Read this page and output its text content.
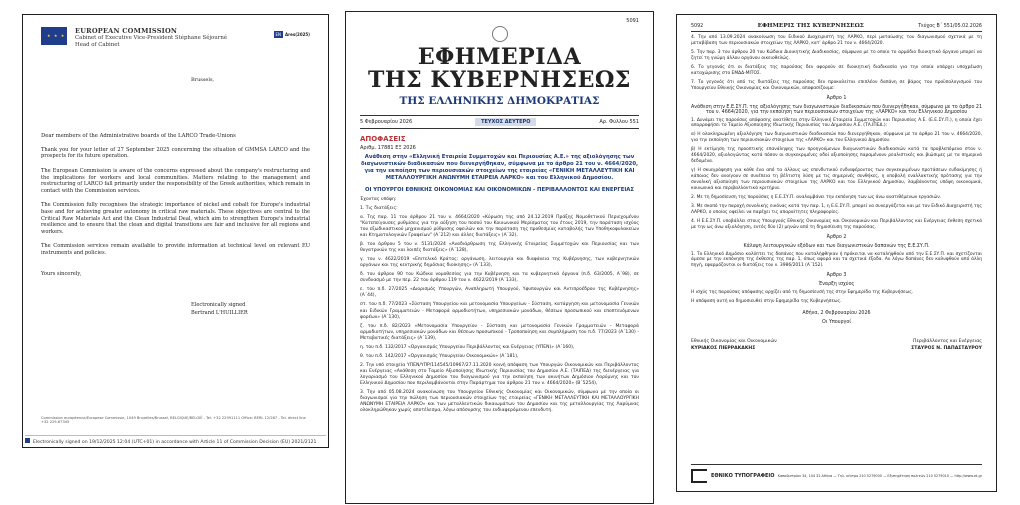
★ ★ ★
EUROPEAN COMMISSION
Cabinet of Executive Vice-President Stéphane Séjourné
Head of Cabinet
EN Ares(2025)
Brussels,
Dear members of the Administrative boards of the LARCO Trade-Unions

Thank you for your letter of 27 September 2025 concerning the situation of GMMSA LARCO and the prospects for its future operation.

The European Commission is aware of the concerns expressed about the company's restructuring and the implications for workers and local communities. Matters relating to the management and restructuring of LARCO fall primarily under the responsibility of the Greek authorities, which remain in contact with the Commission services.

The Commission fully recognises the strategic importance of nickel and cobalt for Europe's industrial base and for achieving greater autonomy in critical raw materials. These objectives are central to the Critical Raw Materials Act and the Clean Industrial Deal, which aim to strengthen Europe's industrial resilience and to ensure that the clean and digital transitions are fair and inclusive for all regions and workers.

The Commission services remain available to provide information at technical level on relevant EU instruments and policies.

Yours sincerely,
Electronically signed
Bertrand L'HUILLIER
Commission européenne/Europese Commissie, 1049 Bruxelles/Brussel, BELGIQUE/BELGIË - Tel. +32 22991111 Office: BERL 12/267 - Tel. direct line +32 229-67345
Electronically signed on 19/12/2025 12:04 (UTC+01) in accordance with Article 11 of Commission Decision (EU) 2021/2121
5091
ΕΦΗΜΕΡΙΔΑ
ΤΗΣ ΚΥΒΕΡΝΗΣΕΩΣ
ΤΗΣ ΕΛΛΗΝΙΚΗΣ ΔΗΜΟΚΡΑΤΙΑΣ
5 Φεβρουαρίου 2026	ΤΕΥΧΟΣ ΔΕΥΤΕΡΟ	Αρ. Φύλλου 551
ΑΠΟΦΑΣΕΙΣ
Αριθμ. 17881 ΕΞ 2026
Ανάθεση στην «Ελληνική Εταιρεία Συμμετοχών και Περιουσίας Α.Ε.» της αξιολόγησης των διαγωνιστικών διαδικασιών που διενεργήθηκαν, σύμφωνα με το άρθρο 21 του ν. 4664/2020, για την εκποίηση των περιουσιακών στοιχείων της εταιρείας «ΓΕΝΙΚΗ ΜΕΤΑΛΛΕΥΤΙΚΗ ΚΑΙ ΜΕΤΑΛΛΟΥΡΓΙΚΗ ΑΝΩΝΥΜΗ ΕΤΑΙΡΕΙΑ ΛΑΡΚΟ» και του Ελληνικού Δημοσίου.
ΟΙ ΥΠΟΥΡΓΟΙ ΕΘΝΙΚΗΣ ΟΙΚΟΝΟΜΙΑΣ ΚΑΙ ΟΙΚΟΝΟΜΙΚΩΝ - ΠΕΡΙΒΑΛΛΟΝΤΟΣ ΚΑΙ ΕΝΕΡΓΕΙΑΣ
Έχοντας υπόψη:
1. Τις διατάξεις:
α. Της παρ. 11 του άρθρου 21 του ν. 4664/2020 «Κύρωση της από 24.12.2019 Πράξης Νομοθετικού Περιεχομένου "Κατεπείγουσες ρυθμίσεις για την αύξηση του ποσού του Κοινωνικού Μερίσματος του έτους 2019, την παράταση ισχύος του εξωδικαστικού μηχανισμού ρύθμισης οφειλών και την παράταση της προθεσμίας καταβολής των Υποθηκοφυλακείων και Κτηματολογικών Γραφείων" (Α΄212) και άλλες διατάξεις» (Α΄32),
β. του άρθρου 5 του ν. 5131/2024 «Αναδιάρθρωση της Ελληνικής Εταιρείας Συμμετοχών και Περιουσίας και των θυγατρικών της και λοιπές διατάξεις» (Α΄128),
γ. του ν. 4622/2019 «Επιτελικό Κράτος: οργάνωση, λειτουργία και διαφάνεια της Κυβέρνησης, των κυβερνητικών οργάνων και της κεντρικής δημόσιας διοίκησης» (Α΄133),
δ. του άρθρου 90 του Κώδικα νομοθεσίας για την Κυβέρνηση και τα κυβερνητικά όργανα (π.δ. 63/2005, Α΄98), σε συνδυασμό με την περ. 22 του άρθρου 119 του ν. 4622/2019 (Α΄133),
ε. του π.δ. 27/2025 «Διορισμός Υπουργών, Αναπληρωτή Υπουργού, Υφυπουργών και Αντιπροέδρου της Κυβέρνησης» (Α΄44),
στ. του π.δ. 77/2023 «Σύσταση Υπουργείου και μετονομασία Υπουργείων - Σύσταση, κατάργηση και μετονομασία Γενικών και Ειδικών Γραμματειών - Μεταφορά αρμοδιοτήτων, υπηρεσιακών μονάδων, θέσεων προσωπικού και εποπτευόμενων φορέων» (Α΄130),
ζ. του π.δ. 82/2023 «Μετονομασία Υπουργείου - Σύσταση και μετονομασία Γενικών Γραμματειών - Μεταφορά αρμοδιοτήτων, υπηρεσιακών μονάδων και θέσεων προσωπικού - Τροποποίηση και συμπλήρωση του π.δ. 77/2023 (Α΄130) - Μεταβατικές διατάξεις» (Α΄139),
η. του π.δ. 132/2017 «Οργανισμός Υπουργείου Περιβάλλοντος και Ενέργειας (ΥΠΕΝ)» (Α΄160),
θ. του π.δ. 142/2017 «Οργανισμός Υπουργείου Οικονομικών» (Α΄181),
2. Την υπό στοιχεία ΥΠΕΝ/ΥΠΡ/114545/10967/27.11.2020 κοινή απόφαση των Υπουργών Οικονομικών και Περιβάλλοντος και Ενέργειας «Ανάθεση στο Ταμείο Αξιοποίησης Ιδιωτικής Περιουσίας του Δημοσίου Α.Ε. (ΤΑΙΠΕΔ) της διενέργειας για λογαριασμό του Ελληνικού Δημοσίου του διαγωνισμού για την εκποίηση των ακινήτων Δημόσιου Λαρύμνης και του Ελληνικού Δημοσίου που περιλαμβάνονται στην Παράρτημα του άρθρου 21 του ν. 4664/2020» (Β΄5254),
3. Την από 05.08.2024 ανακοίνωση του Υπουργείου Εθνικής Οικονομίας και Οικονομικών, σύμφωνα με την οποία οι διαγωνισμοί για την πώληση των περιουσιακών στοιχείων της εταιρείας «ΓΕΝΙΚΗ ΜΕΤΑΛΛΕΥΤΙΚΗ ΚΑΙ ΜΕΤΑΛΛΟΥΡΓΙΚΗ ΑΝΩΝΥΜΗ ΕΤΑΙΡΕΙΑ ΛΑΡΚΟ» και των μεταλλευτικών δικαιωμάτων του Δημοσίου και της μεταλλουργίας της Λαρύμνας ολοκληρώθηκαν χωρίς αποτέλεσμα, λόγω απόσυρσης του ενδιαφερόμενου επενδυτή.
5092	ΕΦΗΜΕΡΙΣ ΤΗΣ ΚΥΒΕΡΝΗΣΕΩΣ	Τεύχος Β΄ 551/05.02.2026
4. Την από 13.09.2024 ανακοίνωση του Ειδικού Διαχειριστή της ΛΑΡΚΟ, περί ματαίωσης του διαγωνισμού σχετικά με τη μεταβίβαση των περιουσιακών στοιχείων της ΛΑΡΚΟ, κατ' άρθρο 21 του ν. 4664/2020.
5. Την παρ. 3 του άρθρου 20 του Κώδικα Διοικητικής Διαδικασίας, σύμφωνα με το οποίο το αρμόδιο διοικητικό όργανο μπορεί να ζητεί τη γνώμη άλλου οργάνου οικειοθελώς.
6. Το γεγονός ότι οι διατάξεις της παρούσας δεν αφορούν σε διοικητική διαδικασία για την οποία υπάρχει υποχρέωση καταχώρισης στο ΕΜΔΔ-ΜΙΤΟΣ.
7. Το γεγονός ότι από τις διατάξεις της παρούσας δεν προκαλείται επιπλέον δαπάνη σε βάρος του προϋπολογισμού του Υπουργείου Εθνικής Οικονομίας και Οικονομικών, αποφασίζουμε:
Άρθρο 1
Ανάθεση στην Ε.Ε.ΣΥ.Π. της αξιολόγησης των διαγωνιστικών διαδικασιών που διενεργήθηκαν, σύμφωνα με το άρθρο 21 του ν. 4664/2020, για την εκποίηση των περιουσιακών στοιχείων της «ΛΑΡΚΟ» και του Ελληνικού Δημοσίου
1. Δυνάμει της παρούσας απόφασης ανατίθεται στην Ελληνική Εταιρεία Συμμετοχών και Περιουσίας Α.Ε. (Ε.Ε.ΣΥ.Π.), η οποία έχει απορροφήσει το Ταμείο Αξιοποίησης Ιδιωτικής Περιουσίας του Δημοσίου Α.Ε. (ΤΑ.ΙΠΕΔ.):
α) Η ολοκληρωμένη αξιολόγηση των διαγωνιστικών διαδικασιών που διενεργήθηκαν, σύμφωνα με το άρθρο 21 του ν. 4664/2020, για την εκποίηση των περιουσιακών στοιχείων της «ΛΑΡΚΟ» και του Ελληνικού Δημοσίου.
β) Η εκτίμηση της προοπτικής επανάληψης των προηγούμενων διαγωνιστικών διαδικασιών κατά τα προβλεπόμενα στον ν. 4664/2020, αξιολογώντας κατά πόσον οι συγκεκριμένες οδοί αξιοποίησης παραμένουν ρεαλιστικές και βιώσιμες με τα σημερινά δεδομένα.
γ) Η σκιαγράφηση για κάθε ένα από τα άλλους ως επενδυτικού ενδιαφέροντος των συγκεκριμένων προτάσεων ευδοκίμησης ή κάποιας δεν ανοίγουν σε συνέπεια τη βέλτιστη λύση με τις σημερινές συνθήκες, η υποβολή εναλλακτικής πρότασης για την συνολική αξιοποίηση των περιουσιακών στοιχείων της ΛΑΡΚΟ και του Ελληνικού Δημοσίου, λαμβάνοντας υπόψη οικονομικά, κοινωνικά και περιβαλλοντικά κριτήρια.
2. Με τη δημοσίευση της παρούσας η Ε.Ε.ΣΥ.Π. αναλαμβάνει την εκπόνηση των ως άνω ανατιθέμενων εργασιών.
3. Με σκοπό την παροχή συνολικής εικόνας κατά την παρ. 1, η Ε.Ε.ΣΥ.Π. μπορεί να συνεργάζεται και με τον Ειδικό Διαχειριστή της ΛΑΡΚΟ, ο οποίος οφείλει να παρέχει τις απαραίτητες πληροφορίες.
4. Η Ε.Ε.ΣΥ.Π. υποβάλλει στους Υπουργούς Εθνικής Οικονομίας και Οικονομικών και Περιβάλλοντος και Ενέργειας έκθεση σχετικά με την ως άνω αξιολόγηση, εντός δύο (2) μηνών από τη δημοσίευση της παρούσας.
Άρθρο 2
Κάλυψη λειτουργικών εξόδων και των διαγωνιστικών δαπανών της Ε.Ε.ΣΥ.Π.
1. Το Ελληνικό Δημόσιο καλύπτει τις δαπάνες που καταλήφθηκαν ή πρόκειται να καταλήφθούν από την Ε.Ε.ΣΥ.Π. και σχετίζονται άμεσα με την εκπόνηση της έκθεσης της παρ. 1, όπως αφορά και τα σχετικά έξοδα. Αν λόγω δαπάνες δεν καλυφθούν από άλλη πηγή, εφαρμόζονται οι διατάξεις του ν. 3986/2011 (Α΄152).
Άρθρο 3
Έναρξη ισχύος
Η ισχύς της παρούσας απόφασης αρχίζει από τη δημοσίευσή της στην Εφημερίδα της Κυβερνήσεως.
Η απόφαση αυτή να δημοσιευθεί στην Εφημερίδα της Κυβερνήσεως.
Αθήνα, 2 Φεβρουαρίου 2026
Οι Υπουργοί
Εθνικής Οικονομίας και Οικονομικών
ΚΥΡΙΑΚΟΣ ΠΙΕΡΡΑΚΑΚΗΣ
Περιβάλλοντος και Ενέργειας
ΣΤΑΥΡΟΣ Ν. ΠΑΠΑΣΤΑΥΡΟΥ
ΕΘΝΙΚΟ ΤΥΠΟΓΡΑΦΕΙΟ Καποδιστρίου 34, 104 32 Αθήνα — Τηλ. κέντρο 210 5279000 — Εξυπηρέτηση πολιτών 210 5279010 — http://www.et.gr
